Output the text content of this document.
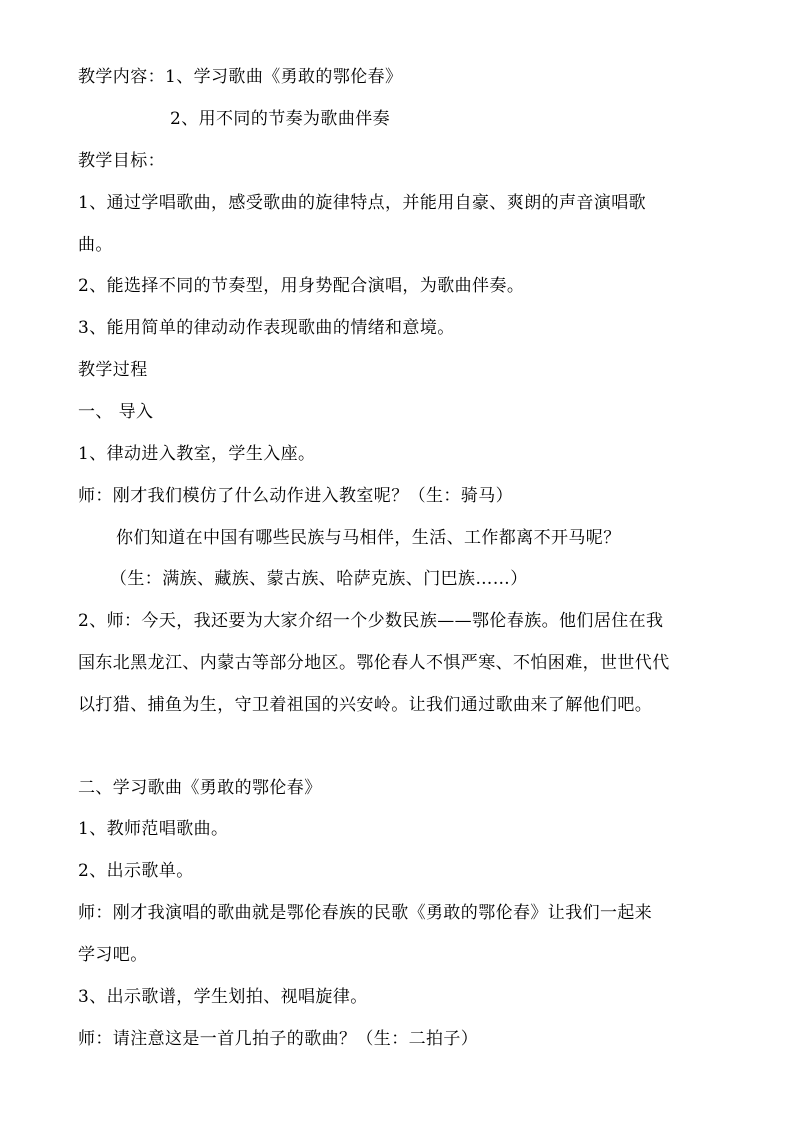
教学内容：1、学习歌曲《勇敢的鄂伦春》
2、用不同的节奏为歌曲伴奏
教学目标：
1、通过学唱歌曲，感受歌曲的旋律特点，并能用自豪、爽朗的声音演唱歌
曲。
2、能选择不同的节奏型，用身势配合演唱，为歌曲伴奏。
3、能用简单的律动动作表现歌曲的情绪和意境。
教学过程
一、 导入
1、律动进入教室，学生入座。
师：刚才我们模仿了什么动作进入教室呢？（生：骑马）
你们知道在中国有哪些民族与马相伴，生活、工作都离不开马呢？
（生：满族、藏族、蒙古族、哈萨克族、门巴族……）
2、师：今天，我还要为大家介绍一个少数民族——鄂伦春族。他们居住在我
国东北黑龙江、内蒙古等部分地区。鄂伦春人不惧严寒、不怕困难，世世代代
以打猎、捕鱼为生，守卫着祖国的兴安岭。让我们通过歌曲来了解他们吧。
二、学习歌曲《勇敢的鄂伦春》
1、教师范唱歌曲。
2、出示歌单。
师：刚才我演唱的歌曲就是鄂伦春族的民歌《勇敢的鄂伦春》让我们一起来
学习吧。
3、出示歌谱，学生划拍、视唱旋律。
师：请注意这是一首几拍子的歌曲？（生：二拍子）
